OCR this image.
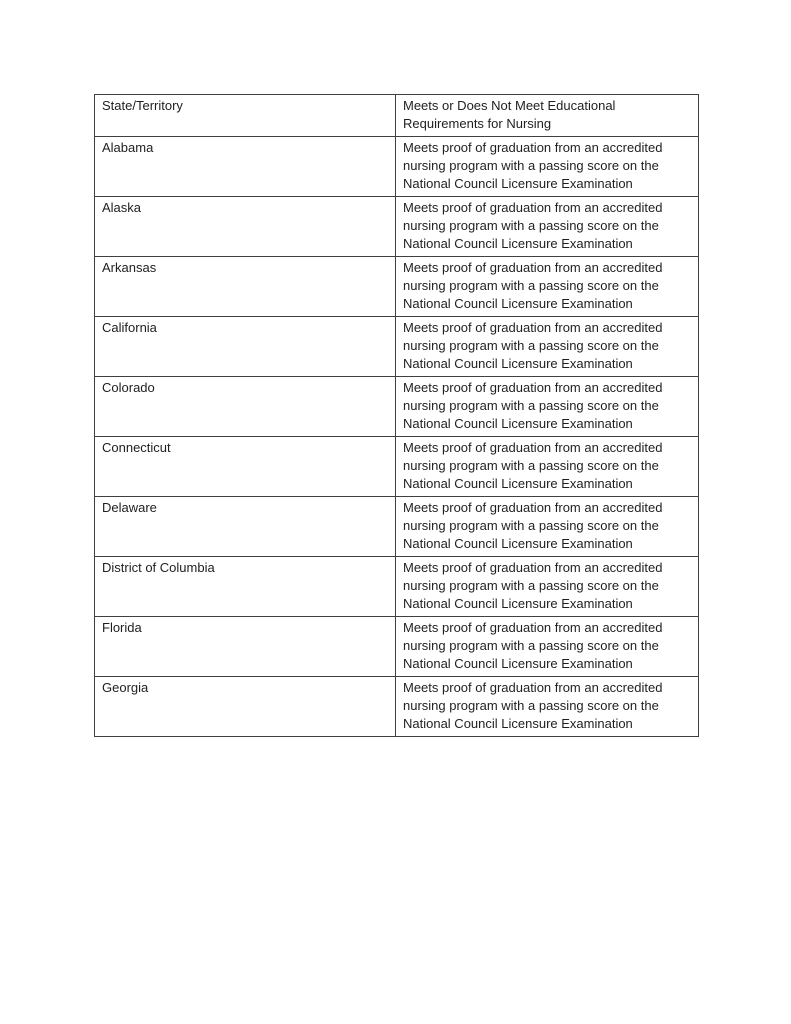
State/Territory	Meets or Does Not Meet Educational Requirements for Nursing

Alabama	Meets proof of graduation from an accredited nursing program with a passing score on the National Council Licensure Examination

Alaska	Meets proof of graduation from an accredited nursing program with a passing score on the National Council Licensure Examination

Arkansas	Meets proof of graduation from an accredited nursing program with a passing score on the National Council Licensure Examination

California	Meets proof of graduation from an accredited nursing program with a passing score on the National Council Licensure Examination

Colorado	Meets proof of graduation from an accredited nursing program with a passing score on the National Council Licensure Examination

Connecticut	Meets proof of graduation from an accredited nursing program with a passing score on the National Council Licensure Examination

Delaware	Meets proof of graduation from an accredited nursing program with a passing score on the National Council Licensure Examination

District of Columbia	Meets proof of graduation from an accredited nursing program with a passing score on the National Council Licensure Examination

Florida	Meets proof of graduation from an accredited nursing program with a passing score on the National Council Licensure Examination

Georgia	Meets proof of graduation from an accredited nursing program with a passing score on the National Council Licensure Examination
